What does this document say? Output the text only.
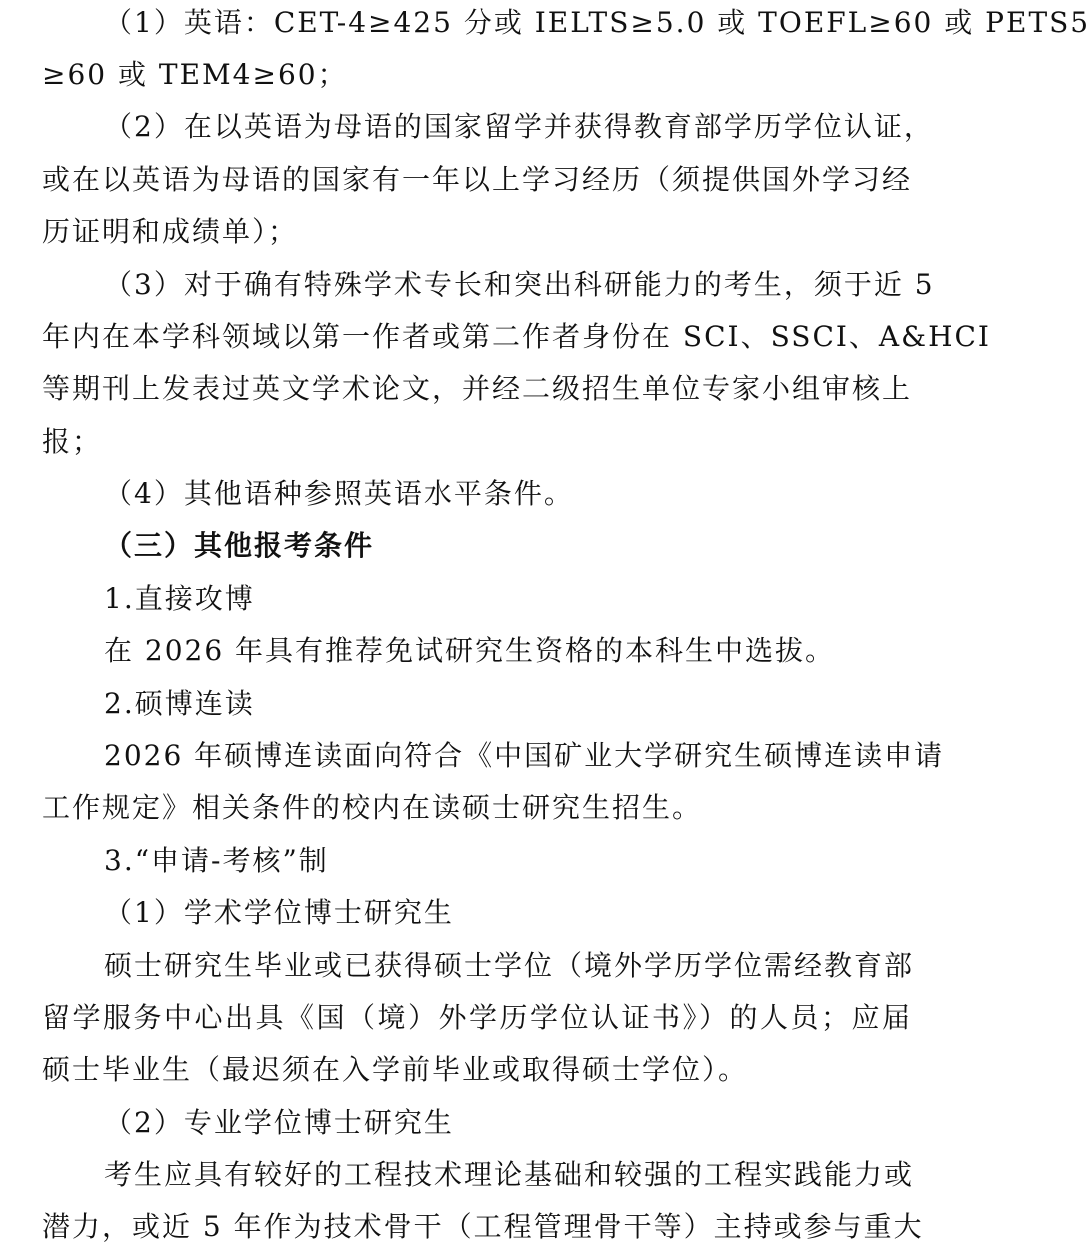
（1）英语：CET-4≥425 分或 IELTS≥5.0 或 TOEFL≥60 或 PETS5
≥60 或 TEM4≥60；
（2）在以英语为母语的国家留学并获得教育部学历学位认证，
或在以英语为母语的国家有一年以上学习经历（须提供国外学习经
历证明和成绩单）；
（3）对于确有特殊学术专长和突出科研能力的考生，须于近 5
年内在本学科领域以第一作者或第二作者身份在 SCI、SSCI、A&HCI
等期刊上发表过英文学术论文，并经二级招生单位专家小组审核上
报；
（4）其他语种参照英语水平条件。
（三）其他报考条件
1.直接攻博
在 2026 年具有推荐免试研究生资格的本科生中选拔。
2.硕博连读
2026 年硕博连读面向符合《中国矿业大学研究生硕博连读申请
工作规定》相关条件的校内在读硕士研究生招生。
3.“申请-考核”制
（1）学术学位博士研究生
硕士研究生毕业或已获得硕士学位（境外学历学位需经教育部
留学服务中心出具《国（境）外学历学位认证书》）的人员；应届
硕士毕业生（最迟须在入学前毕业或取得硕士学位）。
（2）专业学位博士研究生
考生应具有较好的工程技术理论基础和较强的工程实践能力或
潜力，或近 5 年作为技术骨干（工程管理骨干等）主持或参与重大
